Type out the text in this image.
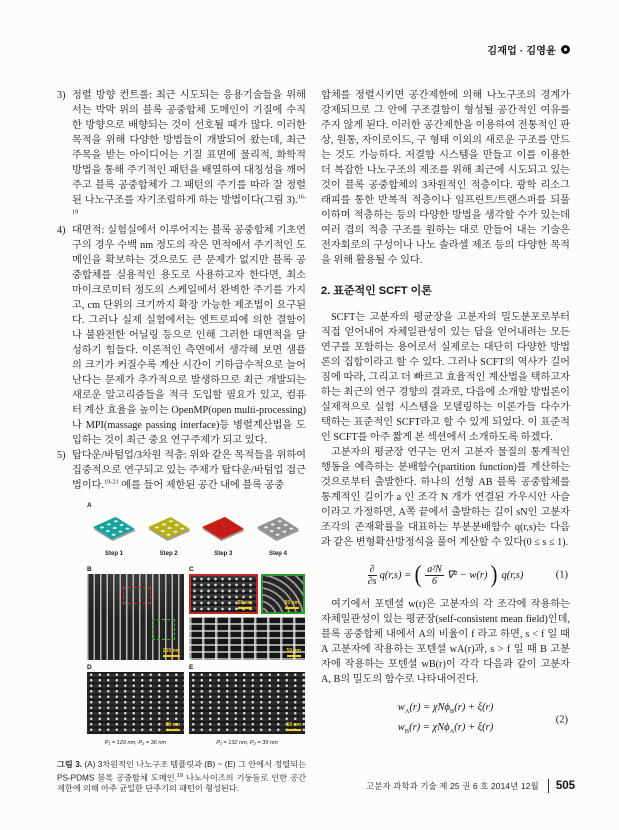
김재업 · 김영윤
3) 정렬 방향 컨트롤: 최근 시도되는 응용기술들을 위해서는 박막 위의 블록 공중합체 도메인이 기질에 수직한 방향으로 배향되는 것이 선호될 때가 많다. 이러한 목적을 위해 다양한 방법들이 개발되어 왔는데, 최근 주목을 받는 아이디어는 기질 표면에 물리적, 화학적 방법을 통해 주기적인 패턴을 배열하여 대칭성을 깨어주고 블록 공중합체가 그 패턴의 주기를 따라 잘 정렬된 나노구조를 자기조립하게 하는 방법이다(그림 3).$^{16-19}$
4) 대면적: 실험실에서 이루어지는 블록 공중합체 기초연구의 경우 수백 nm 정도의 작은 면적에서 주기적인 도메인을 확보하는 것으로도 큰 문제가 없지만 블록 공중합체를 실용적인 용도로 사용하고자 한다면, 최소 마이크로미터 정도의 스케일에서 완벽한 주기를 가지고, cm 단위의 크기까지 확장 가능한 제조법이 요구된다. 그러나 실제 실험에서는 엔트로피에 의한 결함이나 불완전한 어닐링 등으로 인해 그러한 대면적을 달성하기 힘들다. 이론적인 측면에서 생각해 보면 샘플의 크기가 커질수록 계산 시간이 기하급수적으로 늘어난다는 문제가 추가적으로 발생하므로 최근 개발되는 새로운 알고리즘들을 적극 도입할 필요가 있고, 컴퓨터 계산 효율을 높이는 OpenMP(open multi-processing)나 MPI(massage passing interface)등 병렬계산법을 도입하는 것이 최근 중요 연구주제가 되고 있다.
5) 탑다운/바텀업/3차원 적층: 위와 같은 목적들을 위하여 집중적으로 연구되고 있는 주제가 탑다운/바텀업 접근법이다.$^{19-21}$ 예를 들어 제한된 공간 내에 블록 공중
A
Step 1	Step 2	Step 3	Step 4
B
200 nm
C
50 nm	50 nm
50 nm
D
50 nm
P₁ = 129 nm, P₂ = 36 nm
E
50 nm
P₁ = 132 nm, P₂ = 39 nm
그림 3. (A) 3차원적인 나노구조 템플릿과 (B) ~ (E) 그 안에서 정렬되는 PS-PDMS 블록 공중합체 도메인.$^{19}$ 나노사이즈의 기둥들로 인한 공간제한에 의해 아주 균일한 단주기의 패턴이 형성된다.

합체를 정렬시키면 공간제한에 의해 나노구조의 경계가 강제되므로 그 안에 구조결함이 형성될 공간적인 여유를 주지 않게 된다. 이러한 공간제한을 이용하여 전통적인 판상, 원통, 자이로이드, 구 형태 이외의 새로운 구조를 만드는 것도 가능하다. 저결함 시스템을 만들고 이를 이용한 더 복잡한 나노구조의 제조를 위해 최근에 시도되고 있는 것이 블록 공중합체의 3차원적인 적층이다. 광학 리소그래피를 통한 반복적 적층이나 임프린트/트랜스퍼를 되풀이하며 적층하는 등의 다양한 방법을 생각할 수가 있는데 여러 겹의 적층 구조를 원하는 대로 만들어 내는 기술은 전자회로의 구성이나 나노 솔라셀 제조 등의 다양한 목적을 위해 활용될 수 있다.

2. 표준적인 SCFT 이론

SCFT는 고분자의 평균장을 고분자의 밀도분포로부터 직접 얻어내어 자체일관성이 있는 답을 얻어내려는 모든 연구를 포함하는 용어로서 실제로는 대단히 다양한 방법론의 집합이라고 할 수 있다. 그러나 SCFT의 역사가 길어짐에 따라, 그리고 더 빠르고 효율적인 계산법을 택하고자 하는 최근의 연구 경향의 결과로, 다음에 소개할 방법론이 실제적으로 실험 시스템을 모델링하는 이론가들 다수가 택하는 표준적인 SCFT라고 할 수 있게 되었다. 이 표준적인 SCFT를 아주 짧게 본 섹션에서 소개하도록 하겠다.

고분자의 평균장 연구는 먼저 고분자 물질의 통계적인 행동을 예측하는 분배함수(partition function)를 계산하는 것으로부터 출발한다. 하나의 선형 AB 블록 공중합체를 통계적인 길이가 a 인 조각 N 개가 연결된 가우시안 사슬이라고 가정하면, A쪽 끝에서 출발하는 길이 sN인 고분자 조각의 존재확률을 대표하는 부분분배함수 q(r,s)는 다음과 같은 변형확산방정식을 풀어 계산할 수 있다(0 ≤ s ≤ 1).

$\frac{\partial}{\partial s} q(r,s)$ = ( $\frac{\text{a²N}}{6} \nabla^2 - w(r)$ ) q(r,s)	(1)

여기에서 포텐셜 w(r)은 고분자의 각 조각에 작용하는 자체일관성이 있는 평균장(self-consistent mean field)인데, 블록 공중합체 내에서 A의 비율이 f 라고 하면, s < f 일 때 A 고분자에 작용하는 포텐셜 wA(r)과, s > f 일 때 B 고분자에 작용하는 포텐셜 wB(r)이 각각 다음과 같이 고분자 A, B의 밀도의 함수로 나타내어진다.

$w_A(r) = \chi N\phi_B(r) + \xi(r)$
$w_B(r) = \chi N\phi_A(r) + \xi(r)$
(2)
고분자 과학과 기술 제 25 권 6 호 2014년 12월 505
